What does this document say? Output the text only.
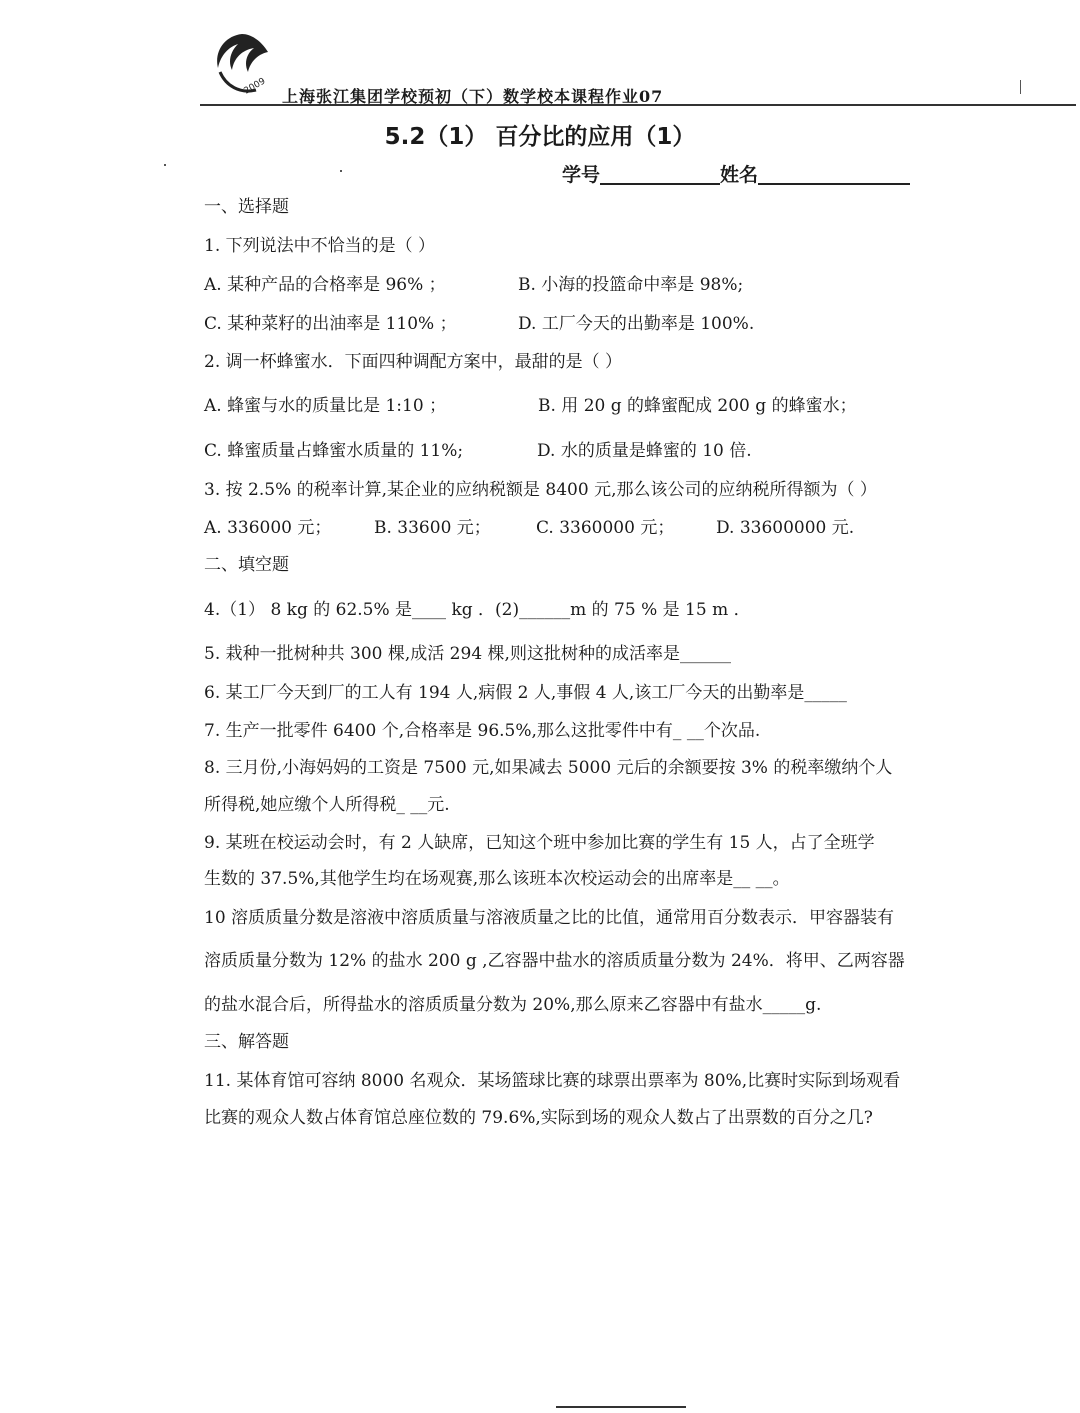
2009 上海张江集团学校预初（下）数学校本课程作业07
5.2（1） 百分比的应用（1）
学号	姓名
一、选择题
1. 下列说法中不恰当的是（ ）
A. 某种产品的合格率是 96% ；	B. 小海的投篮命中率是 98%;
C. 某种菜籽的出油率是 110% ；	D. 工厂今天的出勤率是 100%.
2. 调一杯蜂蜜水．下面四种调配方案中，最甜的是（ ）
A. 蜂蜜与水的质量比是 1:10 ；	B. 用 20 g 的蜂蜜配成 200 g 的蜂蜜水；
C. 蜂蜜质量占蜂蜜水质量的 11%;	D. 水的质量是蜂蜜的 10 倍.
3. 按 2.5% 的税率计算,某企业的应纳税额是 8400 元,那么该公司的应纳税所得额为（ ）
A. 336000 元；	B. 33600 元；	C. 3360000 元； D. 33600000 元.
二、填空题
4.（1） 8 kg 的 62.5% 是____ kg ．(2)______m 的 75 % 是 15 m ．
5. 栽种一批树种共 300 棵,成活 294 棵,则这批树种的成活率是______
6. 某工厂今天到厂的工人有 194 人,病假 2 人,事假 4 人,该工厂今天的出勤率是_____
7. 生产一批零件 6400 个,合格率是 96.5%,那么这批零件中有_ __个次品.
8. 三月份,小海妈妈的工资是 7500 元,如果减去 5000 元后的余额要按 3% 的税率缴纳个人
所得税,她应缴个人所得税_ __元.
9. 某班在校运动会时，有 2 人缺席，已知这个班中参加比赛的学生有 15 人，占了全班学
生数的 37.5%,其他学生均在场观赛,那么该班本次校运动会的出席率是__ __。
10 溶质质量分数是溶液中溶质质量与溶液质量之比的比值，通常用百分数表示．甲容器装有
溶质质量分数为 12% 的盐水 200 g ,乙容器中盐水的溶质质量分数为 24%．将甲、乙两容器
的盐水混合后，所得盐水的溶质质量分数为 20%,那么原来乙容器中有盐水_____g.
三、解答题
11. 某体育馆可容纳 8000 名观众．某场篮球比赛的球票出票率为 80%,比赛时实际到场观看
比赛的观众人数占体育馆总座位数的 79.6%,实际到场的观众人数占了出票数的百分之几?
